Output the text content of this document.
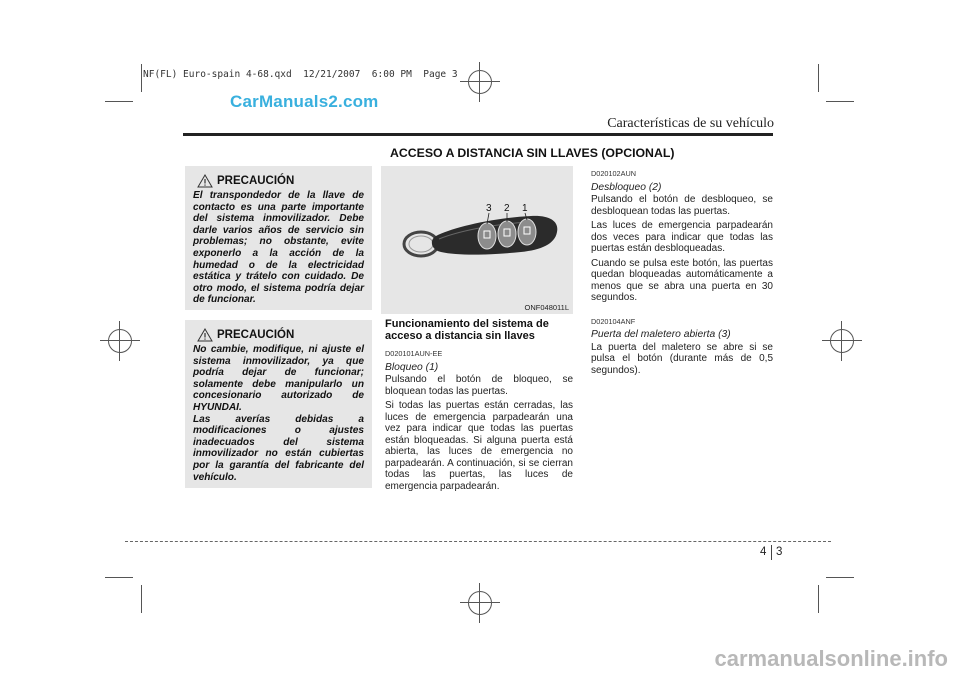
NF(FL) Euro-spain 4-68.qxd  12/21/2007  6:00 PM  Page 3
CarManuals2.com
carmanualsonline.info
Características de su vehículo
ACCESO A DISTANCIA SIN LLAVES (OPCIONAL)
PRECAUCIÓN
El transpondedor de la llave de contacto es una parte importante del sistema inmovilizador. Debe darle varios años de servicio sin problemas; no obstante, evite exponerlo a la acción de la humedad o de la electricidad estática y trátelo con cuidado. De otro modo, el sistema podría dejar de funcionar.
PRECAUCIÓN
No cambie, modifique, ni ajuste el sistema inmovilizador, ya que podría dejar de funcionar; solamente debe manipularlo un concesionario autorizado de HYUNDAI.
Las averías debidas a modificaciones o ajustes inadecuados del sistema inmovilizador no están cubiertas por la garantía del fabricante del vehículo.
3 2 1
ONF048011L
Funcionamiento del sistema de acceso a distancia sin llaves
D020101AUN-EE
Bloqueo (1)

Pulsando el botón de bloqueo, se bloquean todas las puertas.

Si todas las puertas están cerradas, las luces de emergencia parpadearán una vez para indicar que todas las puertas están bloqueadas. Si alguna puerta está abierta, las luces de emergencia no parpadearán. A continuación, si se cierran todas las puertas, las luces de emergencia parpadearán.

D020102AUN
Desbloqueo (2)

Pulsando el botón de desbloqueo, se desbloquean todas las puertas.

Las luces de emergencia parpadearán dos veces para indicar que todas las puertas están desbloqueadas.

Cuando se pulsa este botón, las puertas quedan bloqueadas automáticamente a menos que se abra una puerta en 30 segundos.

D020104ANF
Puerta del maletero abierta (3)

La puerta del maletero se abre si se pulsa el botón (durante más de 0,5 segundos).

4 3
